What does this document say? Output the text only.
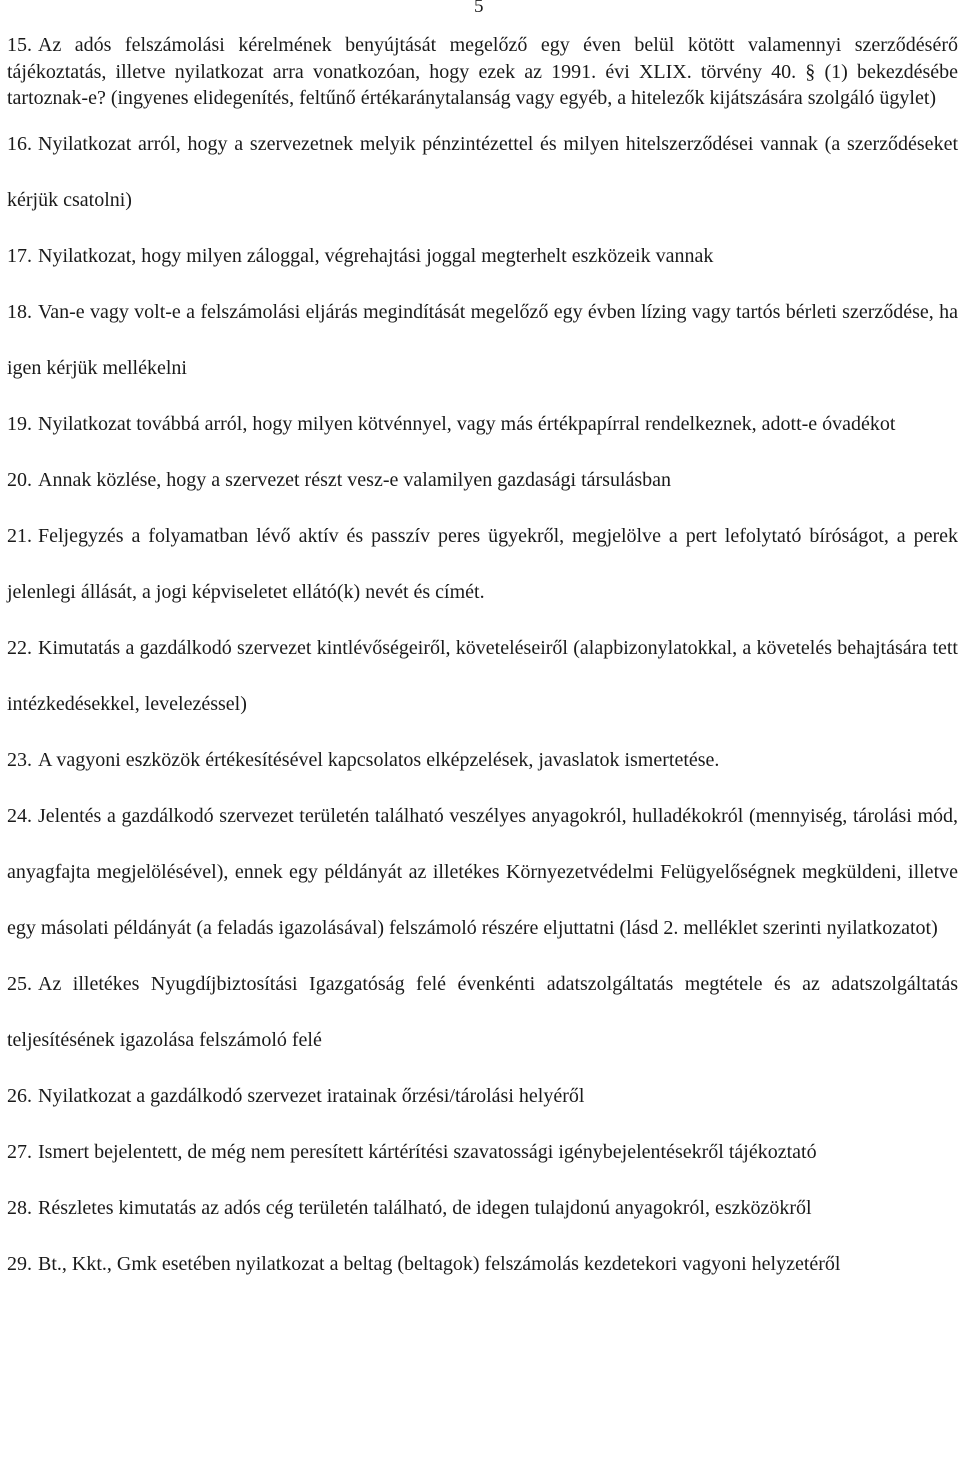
5

15. Az adós felszámolási kérelmének benyújtását megelőző egy éven belül kötött valamennyi szerződésérő tájékoztatás, illetve nyilatkozat arra vonatkozóan, hogy ezek az 1991. évi XLIX. törvény 40. § (1) bekezdésébe tartoznak-e? (ingyenes elidegenítés, feltűnő értékaránytalanság vagy egyéb, a hitelezők kijátszására szolgáló ügylet)

16. Nyilatkozat arról, hogy a szervezetnek melyik pénzintézettel és milyen hitelszerződései vannak (a szerződéseket kérjük csatolni)

17. Nyilatkozat, hogy milyen záloggal, végrehajtási joggal megterhelt eszközeik vannak

18. Van-e vagy volt-e a felszámolási eljárás megindítását megelőző egy évben lízing vagy tartós bérleti szerződése, ha igen kérjük mellékelni

19. Nyilatkozat továbbá arról, hogy milyen kötvénnyel, vagy más értékpapírral rendelkeznek, adott-e óvadékot

20. Annak közlése, hogy a szervezet részt vesz-e valamilyen gazdasági társulásban

21. Feljegyzés a folyamatban lévő aktív és passzív peres ügyekről, megjelölve a pert lefolytató bíróságot, a perek jelenlegi állását, a jogi képviseletet ellátó(k) nevét és címét.

22. Kimutatás a gazdálkodó szervezet kintlévőségeiről, követeléseiről (alapbizonylatokkal, a követelés behajtására tett intézkedésekkel, levelezéssel)

23. A vagyoni eszközök értékesítésével kapcsolatos elképzelések, javaslatok ismertetése.

24. Jelentés a gazdálkodó szervezet területén található veszélyes anyagokról, hulladékokról (mennyiség, tárolási mód, anyagfajta megjelölésével), ennek egy példányát az illetékes Környezetvédelmi Felügyelőségnek megküldeni, illetve egy másolati példányát (a feladás igazolásával) felszámoló részére eljuttatni (lásd 2. melléklet szerinti nyilatkozatot)

25. Az illetékes Nyugdíjbiztosítási Igazgatóság felé évenkénti adatszolgáltatás megtétele és az adatszolgáltatás teljesítésének igazolása felszámoló felé

26. Nyilatkozat a gazdálkodó szervezet iratainak őrzési/tárolási helyéről

27. Ismert bejelentett, de még nem peresített kártérítési szavatossági igénybejelentésekről tájékoztató

28. Részletes kimutatás az adós cég területén található, de idegen tulajdonú anyagokról, eszközökről

29. Bt., Kkt., Gmk esetében nyilatkozat a beltag (beltagok) felszámolás kezdetekori vagyoni helyzetéről
